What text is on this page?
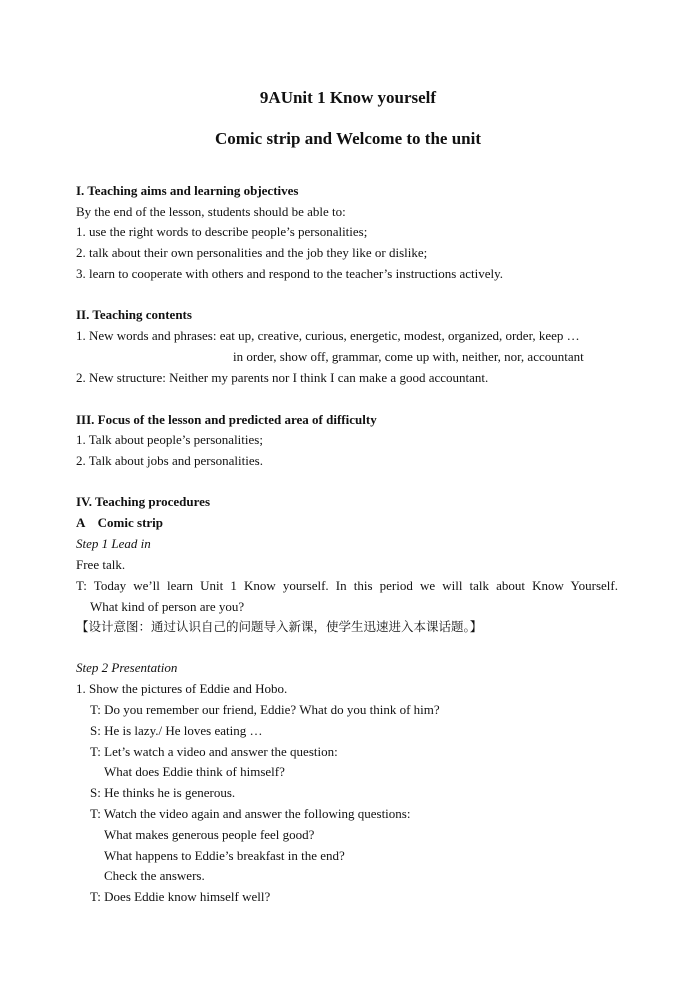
9AUnit 1 Know yourself
Comic strip and Welcome to the unit
I. Teaching aims and learning objectives
By the end of the lesson, students should be able to:
1. use the right words to describe people’s personalities;
2. talk about their own personalities and the job they like or dislike;
3. learn to cooperate with others and respond to the teacher’s instructions actively.
II. Teaching contents
1. New words and phrases: eat up, creative, curious, energetic, modest, organized, order, keep …
in order, show off, grammar, come up with, neither, nor, accountant
2. New structure: Neither my parents nor I think I can make a good accountant.
III. Focus of the lesson and predicted area of difficulty
1. Talk about people’s personalities;
2. Talk about jobs and personalities.
IV. Teaching procedures
A    Comic strip
Step 1 Lead in
Free talk.
T: Today we’ll learn Unit 1 Know yourself. In this period we will talk about Know Yourself.
What kind of person are you?
【设计意图：通过认识自己的问题导入新课，使学生迅速进入本课话题。】
Step 2 Presentation
1. Show the pictures of Eddie and Hobo.
T: Do you remember our friend, Eddie? What do you think of him?
S: He is lazy./ He loves eating …
T: Let’s watch a video and answer the question:
What does Eddie think of himself?
S: He thinks he is generous.
T: Watch the video again and answer the following questions:
What makes generous people feel good?
What happens to Eddie’s breakfast in the end?
Check the answers.
T: Does Eddie know himself well?
